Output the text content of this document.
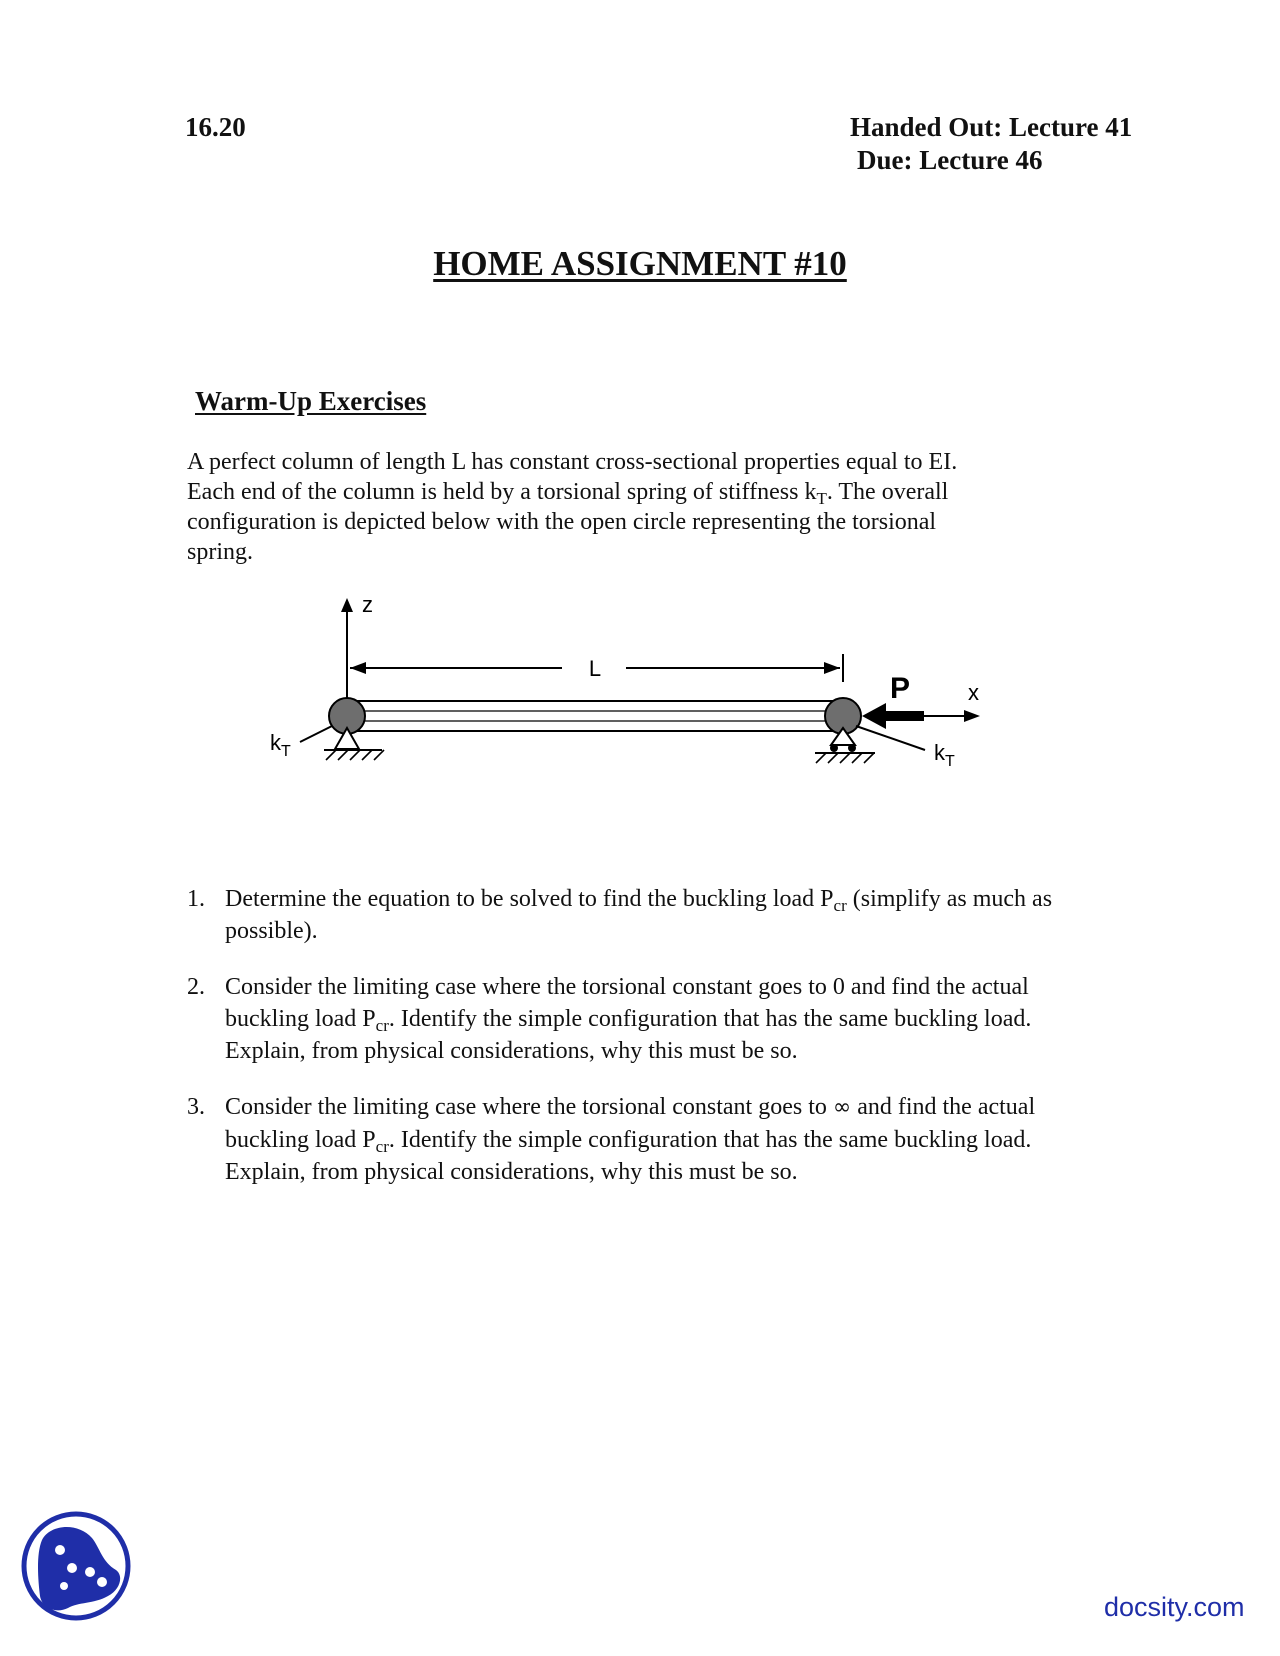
16.20	Handed Out: Lecture 41
Due: Lecture 46
HOME ASSIGNMENT #10
Warm-Up Exercises
A perfect column of length L has constant cross-sectional properties equal to EI.
Each end of the column is held by a torsional spring of stiffness $k_T$. The overall
configuration is depicted below with the open circle representing the torsional
spring.
z
L
$k_T$	$k_T$
P	x
1. Determine the equation to be solved to find the buckling load $P_{cr}$ (simplify as much as possible).
2. Consider the limiting case where the torsional constant goes to 0 and find the actual buckling load $P_{cr}$. Identify the simple configuration that has the same buckling load. Explain, from physical considerations, why this must be so.
3. Consider the limiting case where the torsional constant goes to ∞ and find the actual buckling load $P_{cr}$. Identify the simple configuration that has the same buckling load. Explain, from physical considerations, why this must be so.
docsity.com
